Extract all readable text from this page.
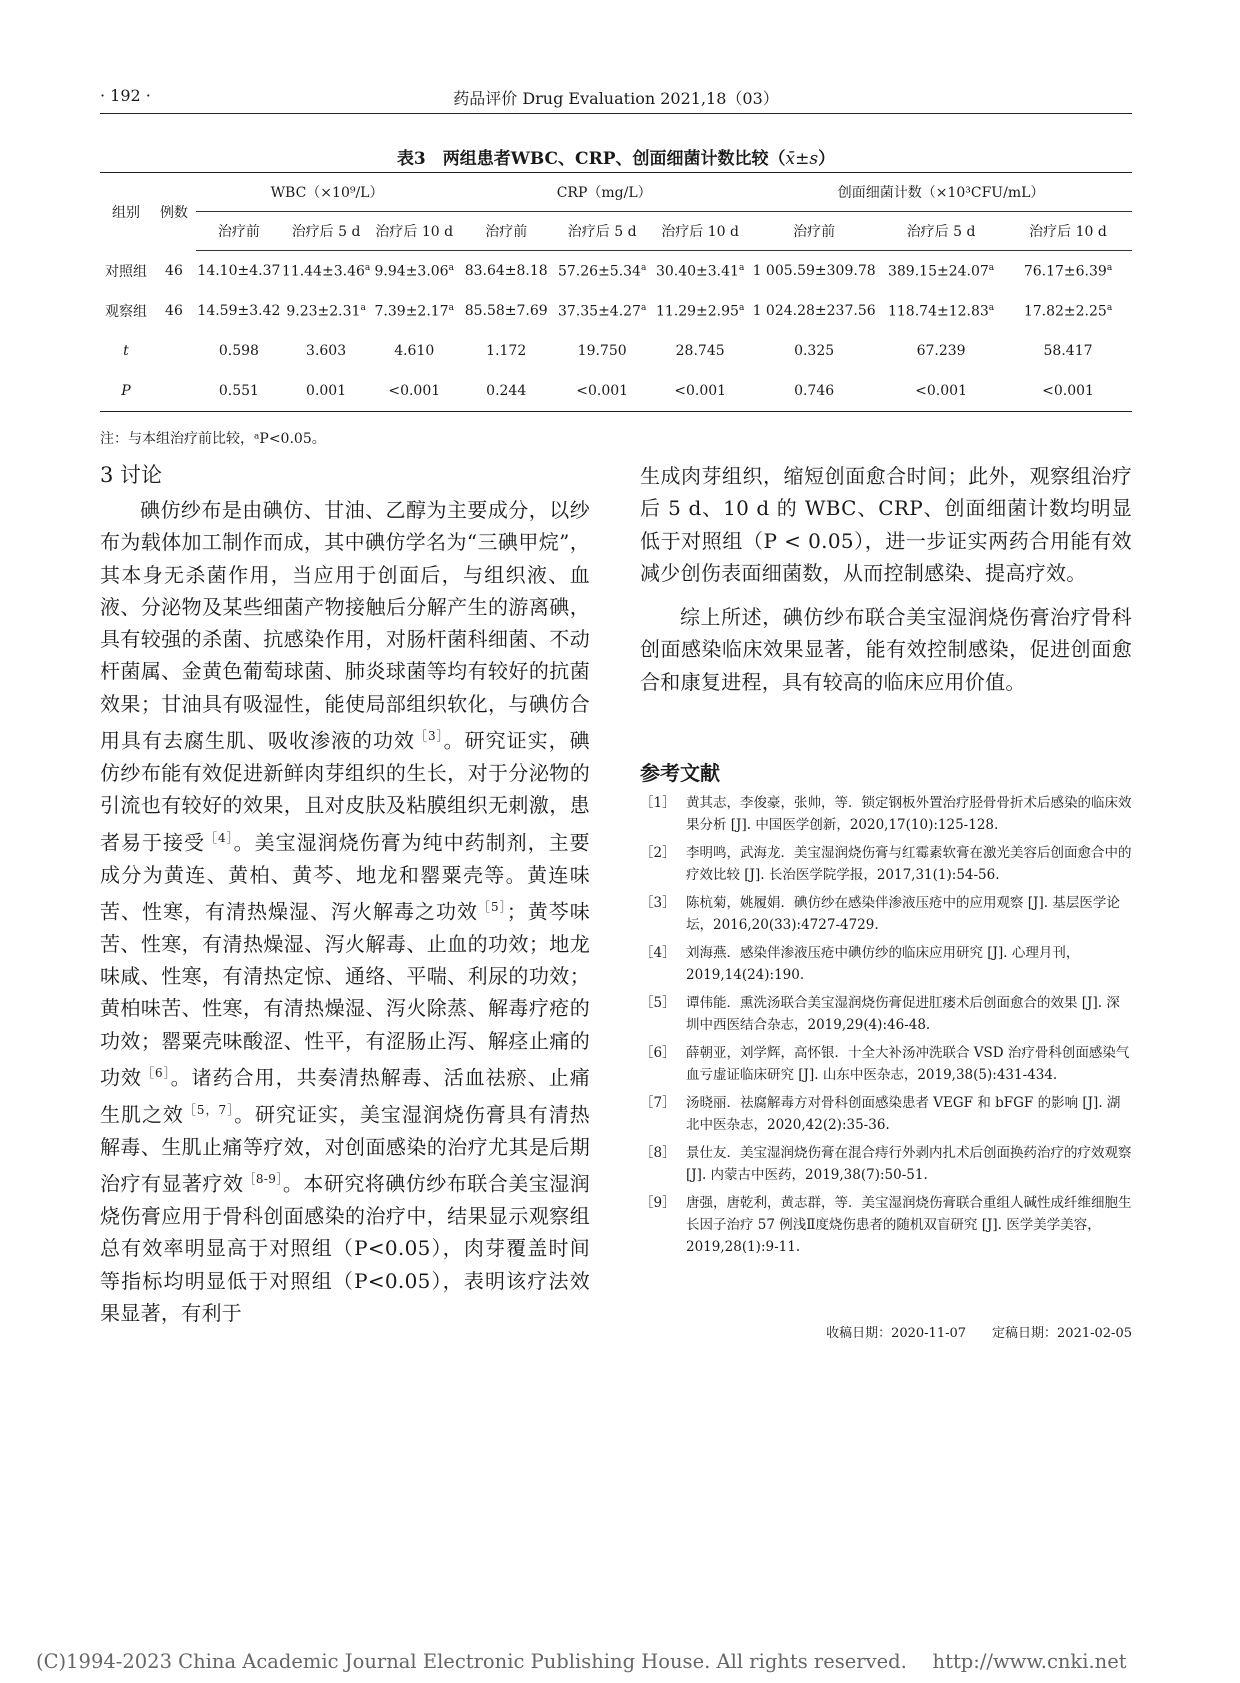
· 192 ·	药品评价 Drug Evaluation 2021,18（03）
表3　两组患者WBC、CRP、创面细菌计数比较（x̄±s）
组别	例数	WBC（×10⁹/L）			CRP（mg/L）			创面细菌计数（×10³CFU/mL）		
		治疗前	治疗后 5 d	治疗后 10 d	治疗前	治疗后 5 d	治疗后 10 d	治疗前	治疗后 5 d	治疗后 10 d
对照组	46	14.10±4.37	11.44±3.46$^a$	9.94±3.06$^a$	83.64±8.18	57.26±5.34$^a$	30.40±3.41$^a$	1 005.59±309.78	389.15±24.07$^a$	76.17±6.39$^a$
观察组	46	14.59±3.42	9.23±2.31$^a$	7.39±2.17$^a$	85.58±7.69	37.35±4.27$^a$	11.29±2.95$^a$	1 024.28±237.56	118.74±12.83$^a$	17.82±2.25$^a$
t		0.598	3.603	4.610	1.172	19.750	28.745	0.325	67.239	58.417
P		0.551	0.001	<0.001	0.244	<0.001	<0.001	0.746	<0.001	<0.001
注：与本组治疗前比较，ᵃP<0.05。

3 讨论

碘仿纱布是由碘仿、甘油、乙醇为主要成分，以纱布为载体加工制作而成，其中碘仿学名为“三碘甲烷”，其本身无杀菌作用，当应用于创面后，与组织液、血液、分泌物及某些细菌产物接触后分解产生的游离碘，具有较强的杀菌、抗感染作用，对肠杆菌科细菌、不动杆菌属、金黄色葡萄球菌、肺炎球菌等均有较好的抗菌效果；甘油具有吸湿性，能使局部组织软化，与碘仿合用具有去腐生肌、吸收渗液的功效$^{[3]}$。研究证实，碘仿纱布能有效促进新鲜肉芽组织的生长，对于分泌物的引流也有较好的效果，且对皮肤及粘膜组织无刺激，患者易于接受$^{[4]}$。美宝湿润烧伤膏为纯中药制剂，主要成分为黄连、黄柏、黄芩、地龙和罂粟壳等。黄连味苦、性寒，有清热燥湿、泻火解毒之功效$^{[5]}$；黄芩味苦、性寒，有清热燥湿、泻火解毒、止血的功效；地龙味咸、性寒，有清热定惊、通络、平喘、利尿的功效；黄柏味苦、性寒，有清热燥湿、泻火除蒸、解毒疗疮的功效；罂粟壳味酸涩、性平，有涩肠止泻、解痉止痛的功效$^{[6]}$。诸药合用，共奏清热解毒、活血祛瘀、止痛生肌之效$^{[5,7]}$。研究证实，美宝湿润烧伤膏具有清热解毒、生肌止痛等疗效，对创面感染的治疗尤其是后期治疗有显著疗效$^{[8-9]}$。本研究将碘仿纱布联合美宝湿润烧伤膏应用于骨科创面感染的治疗中，结果显示观察组总有效率明显高于对照组（P<0.05），肉芽覆盖时间等指标均明显低于对照组（P<0.05），表明该疗法效果显著，有利于

生成肉芽组织，缩短创面愈合时间；此外，观察组治疗后 5 d、10 d 的 WBC、CRP、创面细菌计数均明显低于对照组（P < 0.05），进一步证实两药合用能有效减少创伤表面细菌数，从而控制感染、提高疗效。

综上所述，碘仿纱布联合美宝湿润烧伤膏治疗骨科创面感染临床效果显著，能有效控制感染，促进创面愈合和康复进程，具有较高的临床应用价值。

参考文献
［1］ 黄其志，李俊豪，张帅，等．锁定钢板外置治疗胫骨骨折术后感染的临床效果分析 [J]. 中国医学创新，2020,17(10):125-128.
［2］ 李明鸣，武海龙．美宝湿润烧伤膏与红霉素软膏在激光美容后创面愈合中的疗效比较 [J]. 长治医学院学报，2017,31(1):54-56.
［3］ 陈杭菊，姚履娟．碘仿纱在感染伴渗液压疮中的应用观察 [J]. 基层医学论坛，2016,20(33):4727-4729.
［4］ 刘海燕．感染伴渗液压疮中碘仿纱的临床应用研究 [J]. 心理月刊，2019,14(24):190.
［5］ 谭伟能．熏洗汤联合美宝湿润烧伤膏促进肛瘘术后创面愈合的效果 [J]. 深圳中西医结合杂志，2019,29(4):46-48.
［6］ 薛朝亚，刘学辉，高怀银．十全大补汤冲洗联合 VSD 治疗骨科创面感染气血亏虚证临床研究 [J]. 山东中医杂志，2019,38(5):431-434.
［7］ 汤晓丽．祛腐解毒方对骨科创面感染患者 VEGF 和 bFGF 的影响 [J]. 湖北中医杂志，2020,42(2):35-36.
［8］ 景仕友．美宝湿润烧伤膏在混合痔行外剥内扎术后创面换药治疗的疗效观察 [J]. 内蒙古中医药，2019,38(7):50-51.
［9］ 唐强，唐乾利，黄志群，等．美宝湿润烧伤膏联合重组人碱性成纤维细胞生长因子治疗 57 例浅Ⅱ度烧伤患者的随机双盲研究 [J]. 医学美学美容，2019,28(1):9-11.
收稿日期：2020-11-07　　定稿日期：2021-02-05
(C)1994-2023 China Academic Journal Electronic Publishing House. All rights reserved.　 http://www.cnki.net
